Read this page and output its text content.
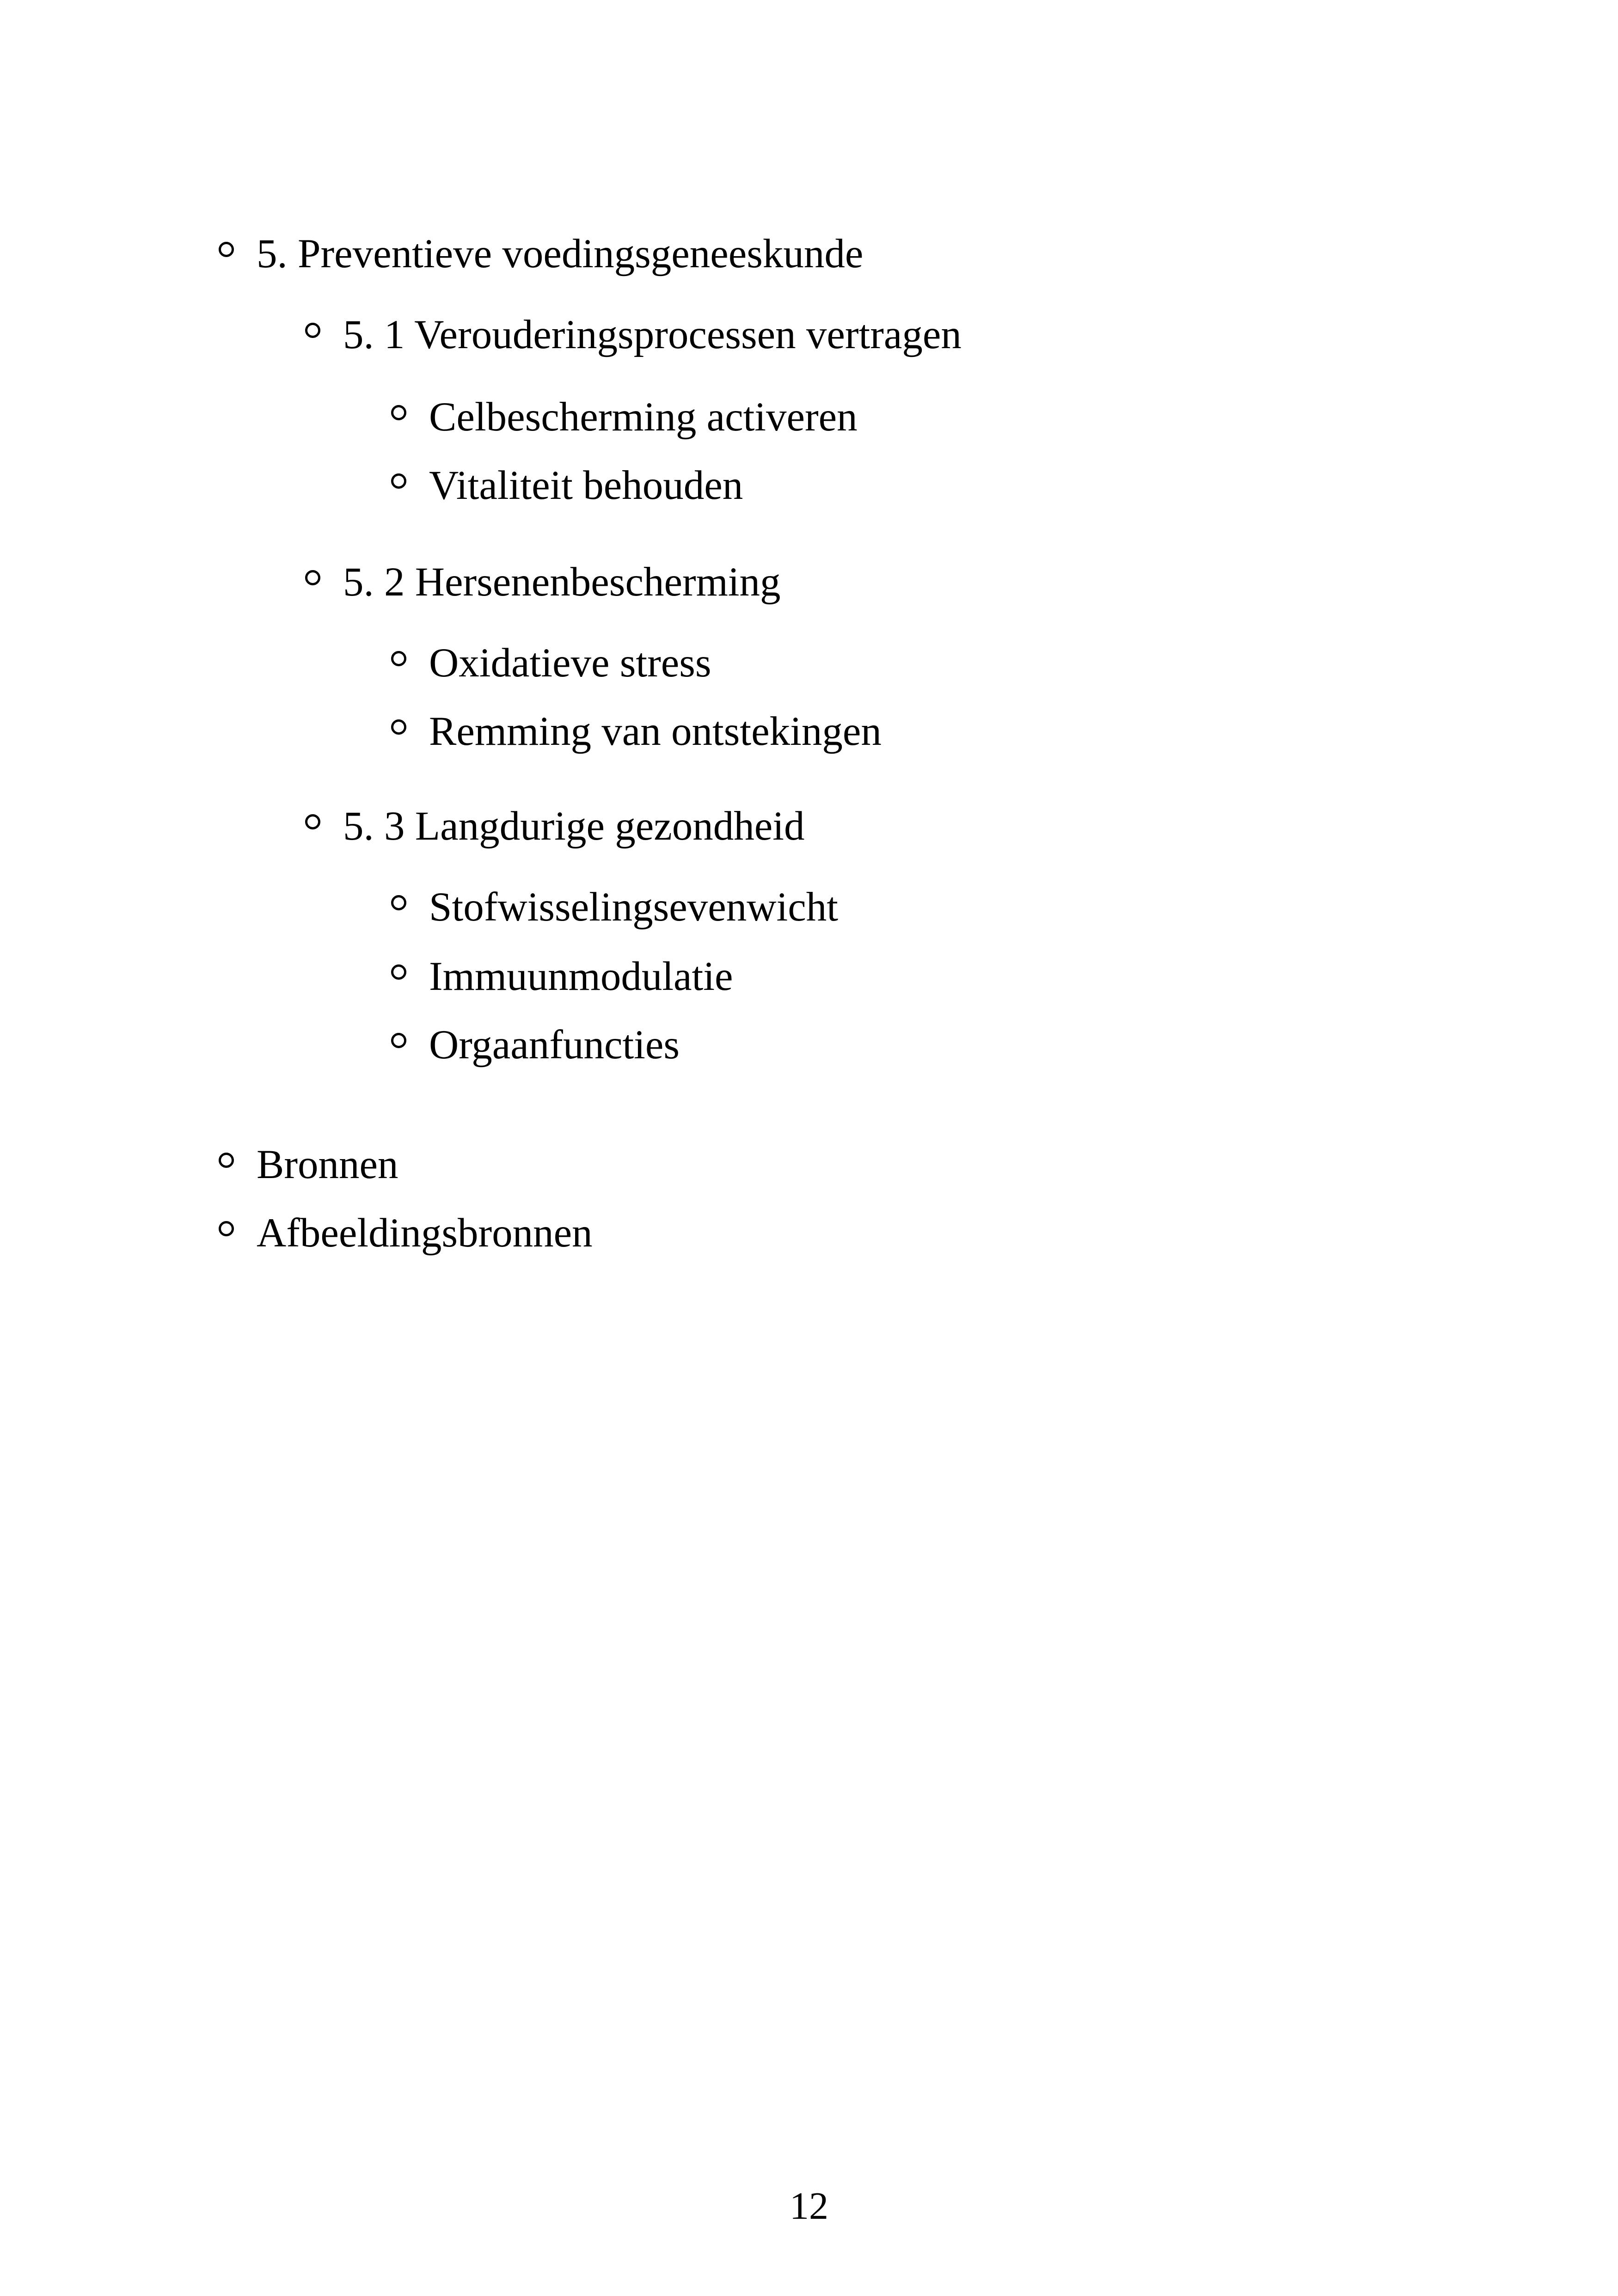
5. Preventieve voedingsgeneeskunde
5. 1 Verouderingsprocessen vertragen
Celbescherming activeren
Vitaliteit behouden
5. 2 Hersenenbescherming
Oxidatieve stress
Remming van ontstekingen
5. 3 Langdurige gezondheid
Stofwisselingsevenwicht
Immuunmodulatie
Orgaanfuncties
Bronnen
Afbeeldingsbronnen
12
